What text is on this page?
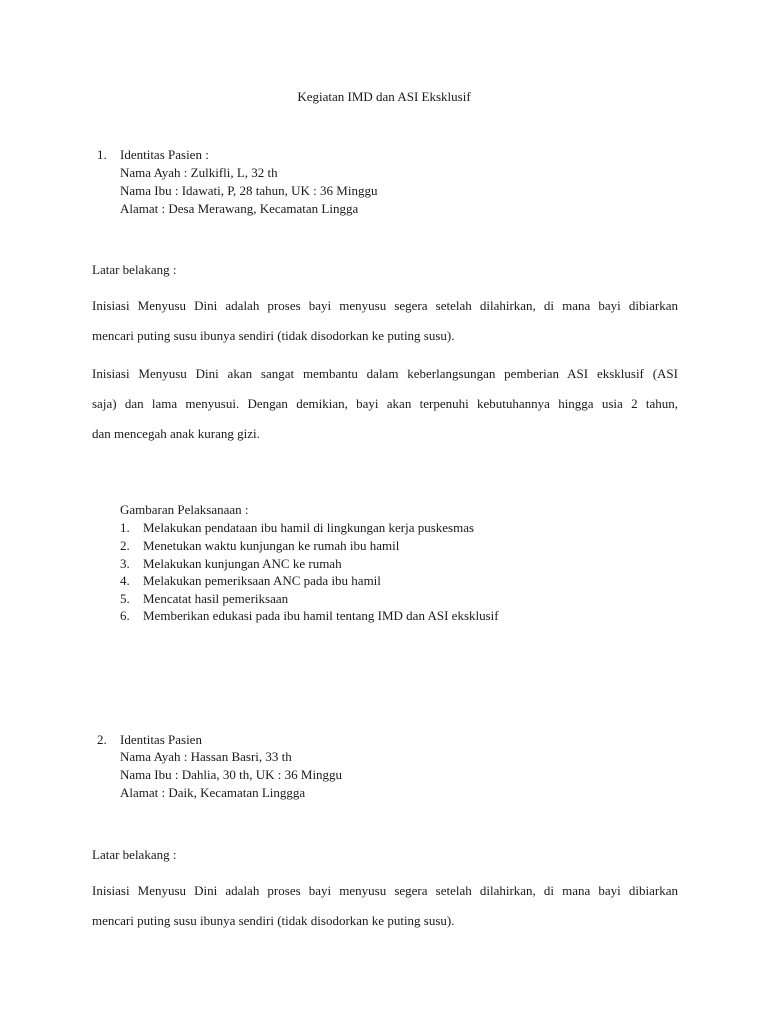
Kegiatan IMD dan ASI Eksklusif
1.	Identitas Pasien :
Nama Ayah : Zulkifli, L, 32 th
Nama Ibu : Idawati, P, 28 tahun, UK : 36 Minggu
Alamat : Desa Merawang, Kecamatan Lingga
Latar belakang :
Inisiasi Menyusu Dini adalah proses bayi menyusu segera setelah dilahirkan, di mana bayi dibiarkan
mencari puting susu ibunya sendiri (tidak disodorkan ke puting susu).
Inisiasi Menyusu Dini akan sangat membantu dalam keberlangsungan pemberian ASI eksklusif (ASI
saja) dan lama menyusui. Dengan demikian, bayi akan terpenuhi kebutuhannya hingga usia 2 tahun,
dan mencegah anak kurang gizi.
Gambaran Pelaksanaan :
1. Melakukan pendataan ibu hamil di lingkungan kerja puskesmas
2. Menetukan waktu kunjungan ke rumah ibu hamil
3. Melakukan kunjungan ANC ke rumah
4. Melakukan pemeriksaan ANC pada ibu hamil
5. Mencatat hasil pemeriksaan
6. Memberikan edukasi pada ibu hamil tentang IMD dan ASI eksklusif
2.	Identitas Pasien
Nama Ayah : Hassan Basri, 33 th
Nama Ibu : Dahlia, 30 th, UK : 36 Minggu
Alamat : Daik, Kecamatan Linggga
Latar belakang :
Inisiasi Menyusu Dini adalah proses bayi menyusu segera setelah dilahirkan, di mana bayi dibiarkan
mencari puting susu ibunya sendiri (tidak disodorkan ke puting susu).
